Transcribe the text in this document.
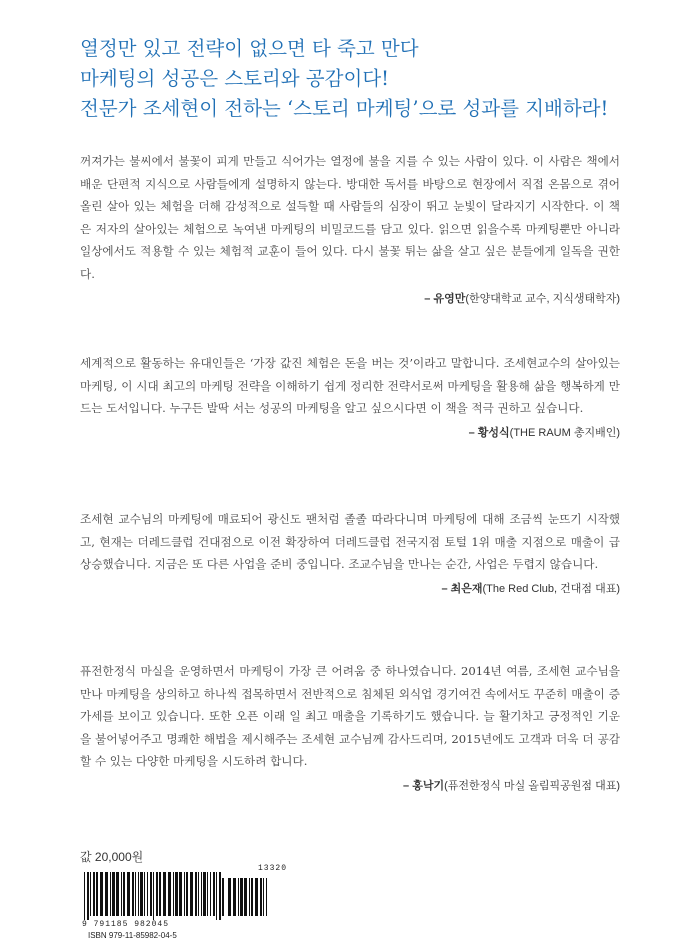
열정만 있고 전략이 없으면 타 죽고 만다
마케팅의 성공은 스토리와 공감이다!
전문가 조세현이 전하는 ‘스토리 마케팅’으로 성과를 지배하라!
꺼져가는 불씨에서 불꽃이 피게 만들고 식어가는 열정에 불을 지를 수 있는 사람이 있다. 이 사람은 책에서 배운 단편적 지식으로 사람들에게 설명하지 않는다. 방대한 독서를 바탕으로 현장에서 직접 온몸으로 겪어 올린 살아 있는 체험을 더해 감성적으로 설득할 때 사람들의 심장이 뛰고 눈빛이 달라지기 시작한다. 이 책은 저자의 살아있는 체험으로 녹여낸 마케팅의 비밀코드를 담고 있다. 읽으면 읽을수록 마케팅뿐만 아니라 일상에서도 적용할 수 있는 체험적 교훈이 들어 있다. 다시 불꽃 튀는 삶을 살고 싶은 분들에게 일독을 권한다.
– 유영만(한양대학교 교수, 지식생태학자)
세계적으로 활동하는 유대인들은 ‘가장 값진 체험은 돈을 버는 것’이라고 말합니다. 조세현교수의 살아있는 마케팅, 이 시대 최고의 마케팅 전략을 이해하기 쉽게 정리한 전략서로써 마케팅을 활용해 삶을 행복하게 만드는 도서입니다. 누구든 발딱 서는 성공의 마케팅을 알고 싶으시다면 이 책을 적극 권하고 싶습니다.
– 황성식(THE RAUM 총지배인)
조세현 교수님의 마케팅에 매료되어 광신도 팬처럼 졸졸 따라다니며 마케팅에 대해 조금씩 눈뜨기 시작했고, 현재는 더레드클럽 건대점으로 이전 확장하여 더레드클럽 전국지점 토털 1위 매출 지점으로 매출이 급상승했습니다. 지금은 또 다른 사업을 준비 중입니다. 조교수님을 만나는 순간, 사업은 두렵지 않습니다.
– 최은재(The Red Club, 건대점 대표)
퓨전한정식 마실을 운영하면서 마케팅이 가장 큰 어려움 중 하나였습니다. 2014년 여름, 조세현 교수님을 만나 마케팅을 상의하고 하나씩 접목하면서 전반적으로 침체된 외식업 경기여건 속에서도 꾸준히 매출이 증가세를 보이고 있습니다. 또한 오픈 이래 일 최고 매출을 기록하기도 했습니다. 늘 활기차고 긍정적인 기운을 불어넣어주고 명쾌한 해법을 제시해주는 조세현 교수님께 감사드리며, 2015년에도 고객과 더욱 더 공감할 수 있는 다양한 마케팅을 시도하려 합니다.
– 홍낙기(퓨전한정식 마실 올림픽공원점 대표)
값 20,000원
13320
9 791185 982045
ISBN 979-11-85982-04-5
